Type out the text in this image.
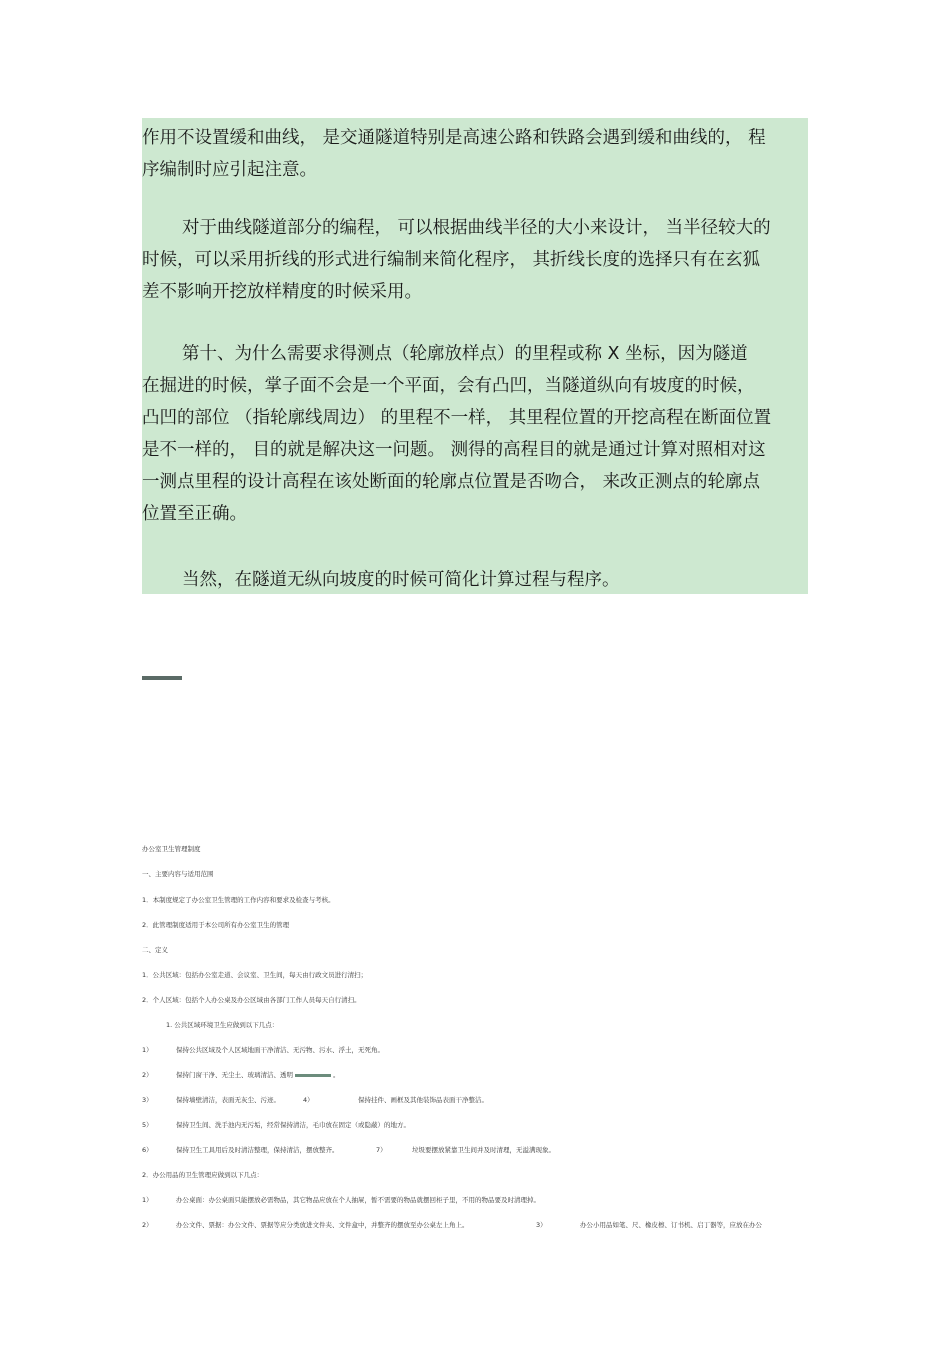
作用不设置缓和曲线， 是交通隧道特别是高速公路和铁路会遇到缓和曲线的， 程
序编制时应引起注意。
对于曲线隧道部分的编程， 可以根据曲线半径的大小来设计， 当半径较大的
时候，可以采用折线的形式进行编制来简化程序， 其折线长度的选择只有在玄狐
差不影响开挖放样精度的时候采用。
第十、为什么需要求得测点（轮廓放样点）的里程或称 X 坐标，因为隧道
在掘进的时候，掌子面不会是一个平面，会有凸凹，当隧道纵向有坡度的时候，
凸凹的部位 （指轮廓线周边） 的里程不一样， 其里程位置的开挖高程在断面位置
是不一样的， 目的就是解决这一问题。 测得的高程目的就是通过计算对照相对这
一测点里程的设计高程在该处断面的轮廓点位置是否吻合， 来改正测点的轮廓点
位置至正确。
当然，在隧道无纵向坡度的时候可简化计算过程与程序。
办公室卫生管理制度
一、主要内容与适用范围
1．本制度规定了办公室卫生管理的工作内容和要求及检查与考核。
2．此管理制度适用于本公司所有办公室卫生的管理
二、定义
1．公共区域：包括办公室走道、会议室、卫生间，每天由行政文员进行清扫；
2．个人区域：包括个人办公桌及办公区域由各部门工作人员每天自行清扫。
1. 公共区域环境卫生应做到以下几点：
1）	保持公共区域及个人区域地面干净清洁、无污物、污水、浮土，无死角。
2）	保持门窗干净、无尘土、玻璃清洁、透明	。
3）	保持墙壁清洁，表面无灰尘、污迹。	4）	保持挂件、画框及其他装饰品表面干净整洁。
5）	保持卫生间、洗手池内无污垢，经常保持清洁，毛巾放在固定（或隐蔽）的地方。
6）	保持卫生工具用后及时清洁整理，保持清洁，摆放整齐。	7）	垃圾要摆放紧靠卫生间并及时清理，无溢满现象。
2．办公用品的卫生管理应做到以下几点：
1）	办公桌面：办公桌面只能摆放必需物品，其它物品应放在个人抽屉，暂不需要的物品就摆回柜子里，不用的物品要及时清理掉。
2）	办公文件、票据：办公文件、票据等应分类放进文件夹、文件盒中，并整齐的摆放至办公桌左上角上。	3）	办公小用品如笔、尺、橡皮檫、订书机、启丁器等，应放在办公
